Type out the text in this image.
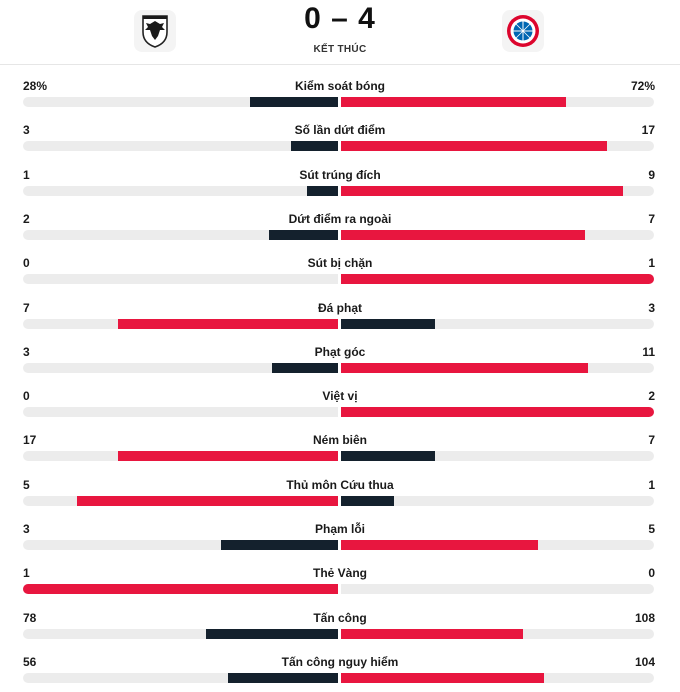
0 – 4
KẾT THÚC
28%	Kiểm soát bóng	72%
3	Số lần dứt điểm	17
1	Sút trúng đích	9
2	Dứt điểm ra ngoài	7
0	Sút bị chặn	1
7	Đá phạt	3
3	Phạt góc	11
0	Việt vị	2
17	Ném biên	7
5	Thủ môn Cứu thua	1
3	Phạm lỗi	5
1	Thẻ Vàng	0
78	Tấn công	108
56	Tấn công nguy hiểm	104
